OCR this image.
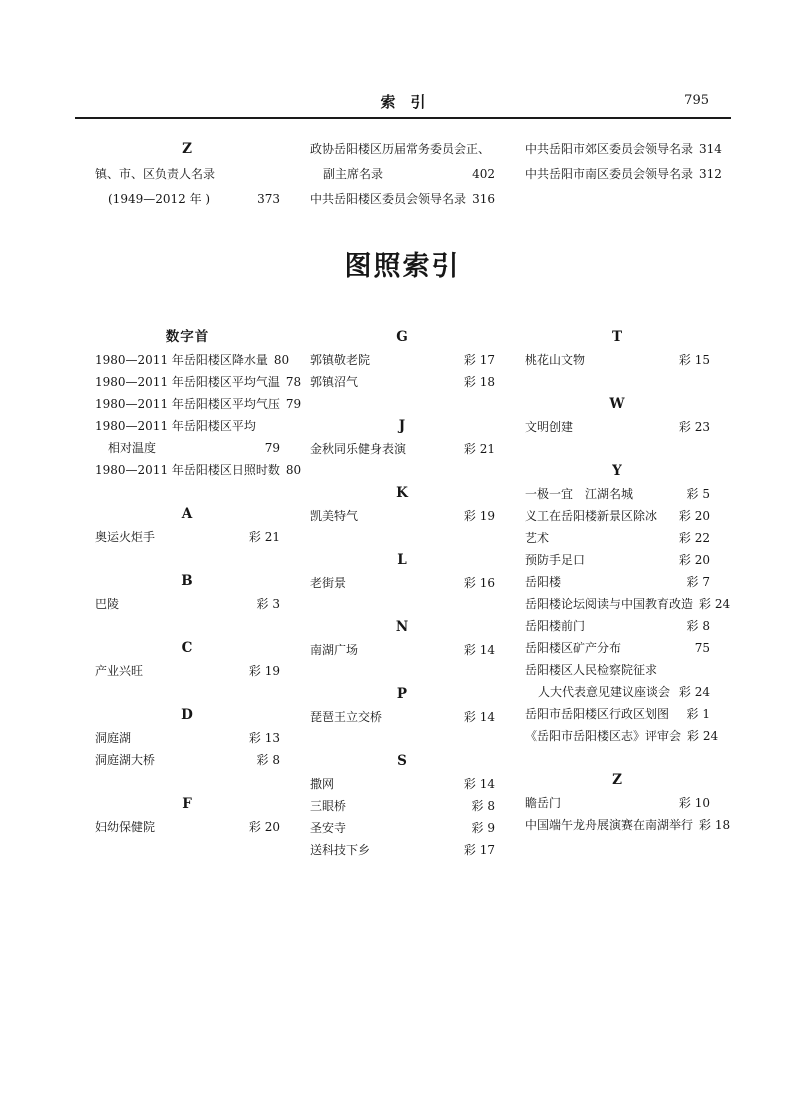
索　引	795
Z
镇、市、区负责人名录
(1949—2012 年 )	373
政协岳阳楼区历届常务委员会正、
副主席名录	402
中共岳阳楼区委员会领导名录 316
中共岳阳市郊区委员会领导名录 314
中共岳阳市南区委员会领导名录 312
图照索引
数字首
1980—2011 年岳阳楼区降水量 80
1980—2011 年岳阳楼区平均气温 78
1980—2011 年岳阳楼区平均气压 79
1980—2011 年岳阳楼区平均
相对温度	79
1980—2011 年岳阳楼区日照时数 80
A
奥运火炬手	彩 21
B
巴陵	彩 3
C
产业兴旺	彩 19
D
洞庭湖	彩 13
洞庭湖大桥	彩 8
F
妇幼保健院	彩 20
G
郭镇敬老院	彩 17
郭镇沼气	彩 18
J
金秋同乐健身表演	彩 21
K
凯美特气	彩 19
L
老街景	彩 16
N
南湖广场	彩 14
P
琵琶王立交桥	彩 14
S
撒网	彩 14
三眼桥	彩 8
圣安寺	彩 9
送科技下乡	彩 17
T
桃花山文物	彩 15
W
文明创建	彩 23
Y
一极一宜　江湖名城	彩 5
义工在岳阳楼新景区除冰	彩 20
艺术	彩 22
预防手足口	彩 20
岳阳楼	彩 7
岳阳楼论坛阅读与中国教育改造 彩 24
岳阳楼前门	彩 8
岳阳楼区矿产分布	75
岳阳楼区人民检察院征求
人大代表意见建议座谈会 彩 24
岳阳市岳阳楼区行政区划图	彩 1
《岳阳市岳阳楼区志》评审会 彩 24
Z
瞻岳门	彩 10
中国端午龙舟展演赛在南湖举行 彩 18
